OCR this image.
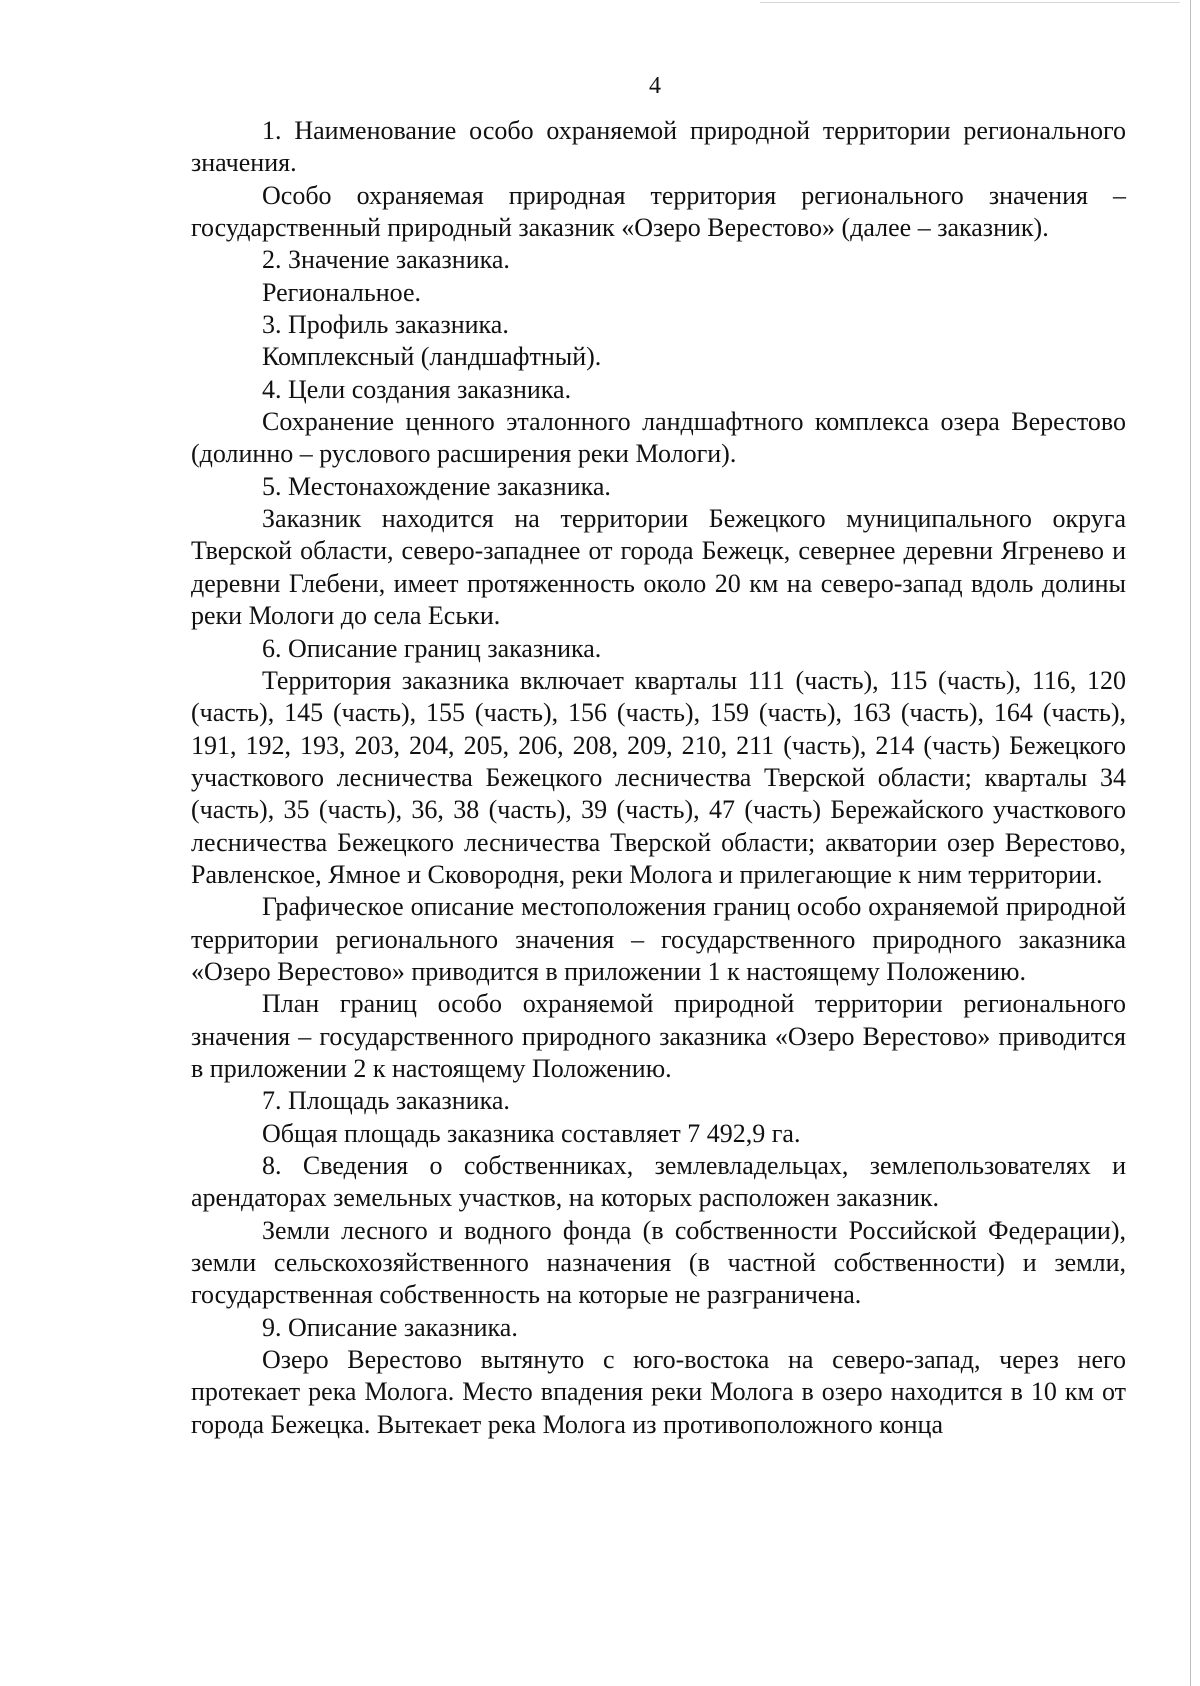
4

1. Наименование особо охраняемой природной территории регионального значения.

Особо охраняемая природная территория регионального значения – государственный природный заказник «Озеро Верестово» (далее – заказник).

2. Значение заказника.

Региональное.

3. Профиль заказника.

Комплексный (ландшафтный).

4. Цели создания заказника.

Сохранение ценного эталонного ландшафтного комплекса озера Верестово (долинно – руслового расширения реки Мологи).

5. Местонахождение заказника.

Заказник находится на территории Бежецкого муниципального округа Тверской области, северо-западнее от города Бежецк, севернее деревни Ягренево и деревни Глебени, имеет протяженность около 20 км на северо-запад вдоль долины реки Мологи до села Еськи.

6. Описание границ заказника.

Территория заказника включает кварталы 111 (часть), 115 (часть), 116, 120 (часть), 145 (часть), 155 (часть), 156 (часть), 159 (часть), 163 (часть), 164 (часть), 191, 192, 193, 203, 204, 205, 206, 208, 209, 210, 211 (часть), 214 (часть) Бежецкого участкового лесничества Бежецкого лесничества Тверской области; кварталы 34 (часть), 35 (часть), 36, 38 (часть), 39 (часть), 47 (часть) Бережайского участкового лесничества Бежецкого лесничества Тверской области; акватории озер Верестово, Равленское, Ямное и Сковородня, реки Молога и прилегающие к ним территории.

Графическое описание местоположения границ особо охраняемой природной территории регионального значения – государственного природного заказника «Озеро Верестово» приводится в приложении 1 к настоящему Положению.

План границ особо охраняемой природной территории регионального значения – государственного природного заказника «Озеро Верестово» приводится в приложении 2 к настоящему Положению.

7. Площадь заказника.

Общая площадь заказника составляет 7 492,9 га.

8. Сведения о собственниках, землевладельцах, землепользователях и арендаторах земельных участков, на которых расположен заказник.

Земли лесного и водного фонда (в собственности Российской Федерации), земли сельскохозяйственного назначения (в частной собственности) и земли, государственная собственность на которые не разграничена.

9. Описание заказника.

Озеро Верестово вытянуто с юго-востока на северо-запад, через него протекает река Молога. Место впадения реки Молога в озеро находится в 10 км от города Бежецка. Вытекает река Молога из противоположного конца
